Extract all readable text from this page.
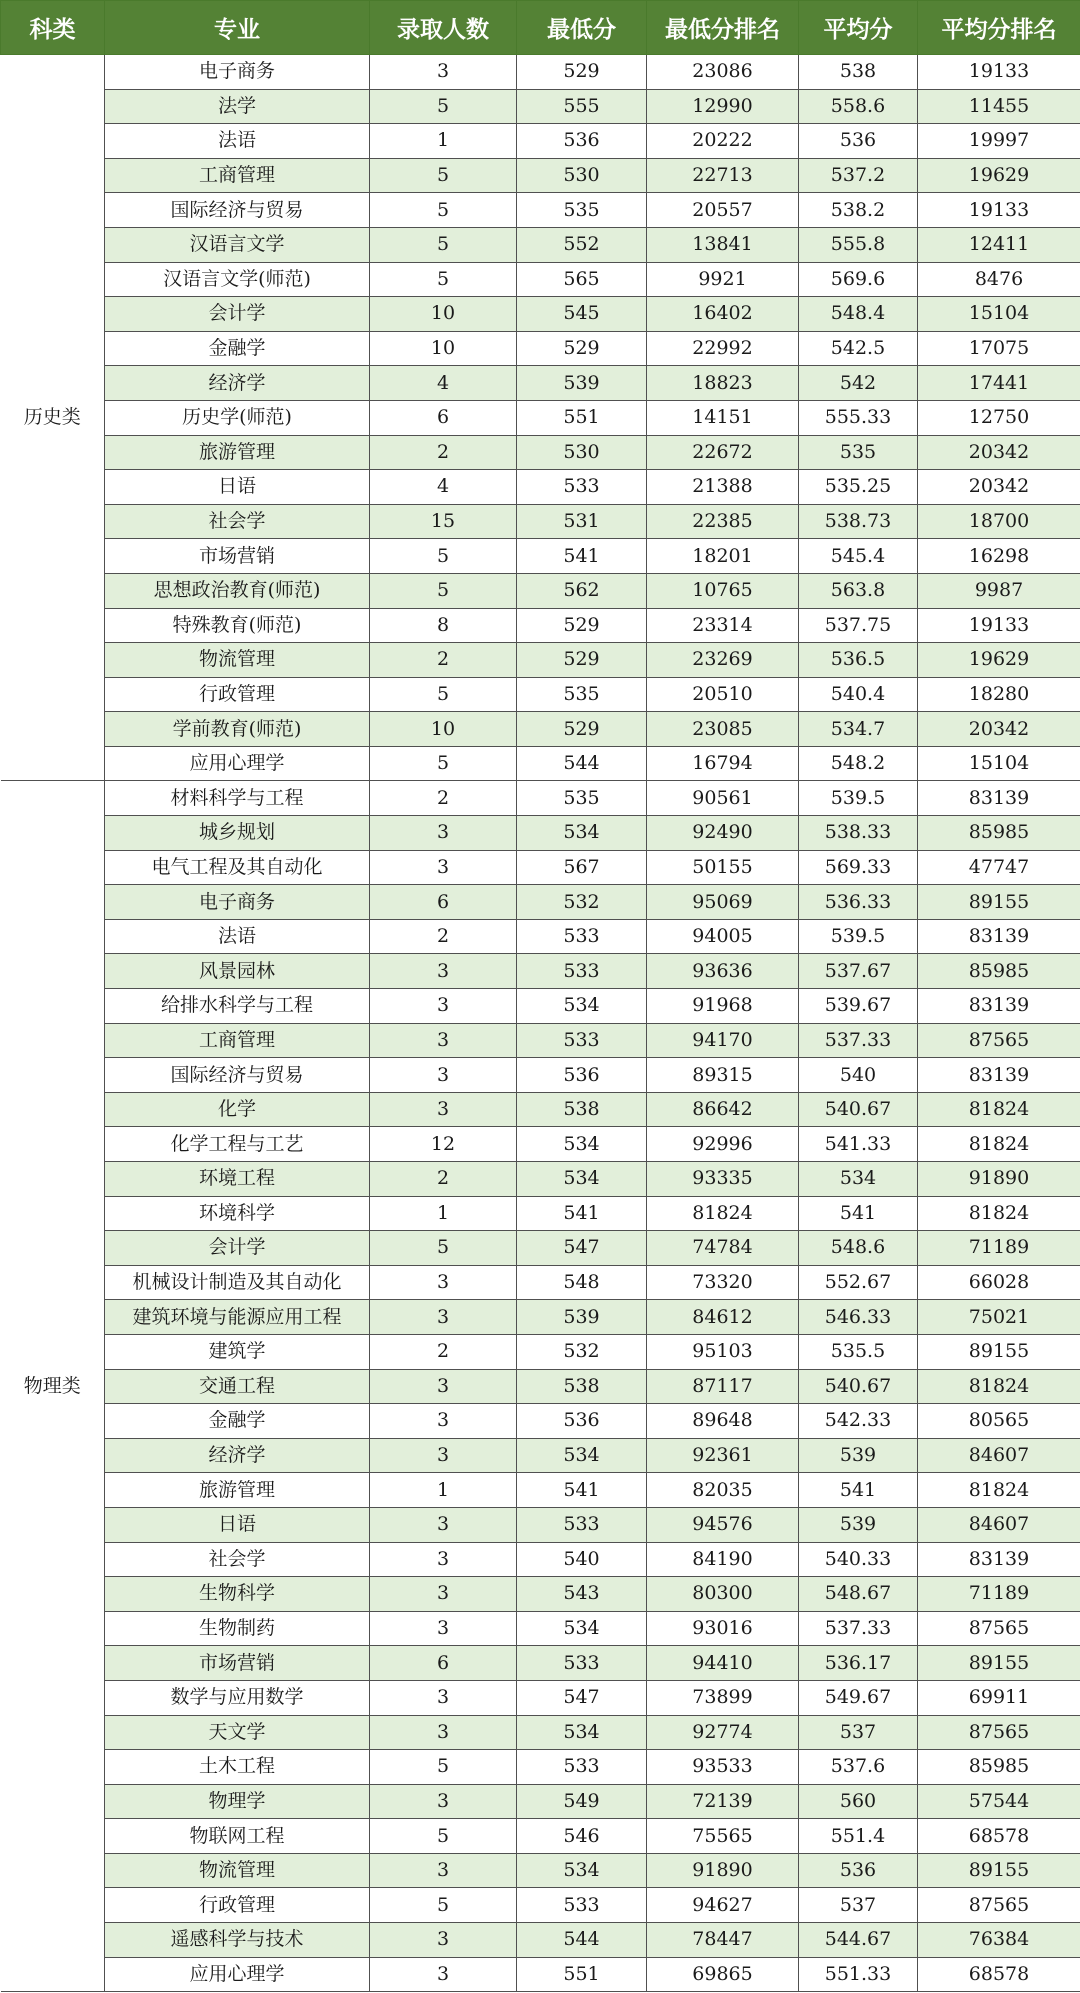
科类	专业	录取人数	最低分	最低分排名	平均分	平均分排名
历史类	电子商务	3	529	23086	538	19133
	法学	5	555	12990	558.6	11455
	法语	1	536	20222	536	19997
	工商管理	5	530	22713	537.2	19629
	国际经济与贸易	5	535	20557	538.2	19133
	汉语言文学	5	552	13841	555.8	12411
	汉语言文学(师范)	5	565	9921	569.6	8476
	会计学	10	545	16402	548.4	15104
	金融学	10	529	22992	542.5	17075
	经济学	4	539	18823	542	17441
	历史学(师范)	6	551	14151	555.33	12750
	旅游管理	2	530	22672	535	20342
	日语	4	533	21388	535.25	20342
	社会学	15	531	22385	538.73	18700
	市场营销	5	541	18201	545.4	16298
	思想政治教育(师范)	5	562	10765	563.8	9987
	特殊教育(师范)	8	529	23314	537.75	19133
	物流管理	2	529	23269	536.5	19629
	行政管理	5	535	20510	540.4	18280
	学前教育(师范)	10	529	23085	534.7	20342
	应用心理学	5	544	16794	548.2	15104
物理类	材料科学与工程	2	535	90561	539.5	83139
	城乡规划	3	534	92490	538.33	85985
	电气工程及其自动化	3	567	50155	569.33	47747
	电子商务	6	532	95069	536.33	89155
	法语	2	533	94005	539.5	83139
	风景园林	3	533	93636	537.67	85985
	给排水科学与工程	3	534	91968	539.67	83139
	工商管理	3	533	94170	537.33	87565
	国际经济与贸易	3	536	89315	540	83139
	化学	3	538	86642	540.67	81824
	化学工程与工艺	12	534	92996	541.33	81824
	环境工程	2	534	93335	534	91890
	环境科学	1	541	81824	541	81824
	会计学	5	547	74784	548.6	71189
	机械设计制造及其自动化	3	548	73320	552.67	66028
	建筑环境与能源应用工程	3	539	84612	546.33	75021
	建筑学	2	532	95103	535.5	89155
	交通工程	3	538	87117	540.67	81824
	金融学	3	536	89648	542.33	80565
	经济学	3	534	92361	539	84607
	旅游管理	1	541	82035	541	81824
	日语	3	533	94576	539	84607
	社会学	3	540	84190	540.33	83139
	生物科学	3	543	80300	548.67	71189
	生物制药	3	534	93016	537.33	87565
	市场营销	6	533	94410	536.17	89155
	数学与应用数学	3	547	73899	549.67	69911
	天文学	3	534	92774	537	87565
	土木工程	5	533	93533	537.6	85985
	物理学	3	549	72139	560	57544
	物联网工程	5	546	75565	551.4	68578
	物流管理	3	534	91890	536	89155
	行政管理	5	533	94627	537	87565
	遥感科学与技术	3	544	78447	544.67	76384
	应用心理学	3	551	69865	551.33	68578
